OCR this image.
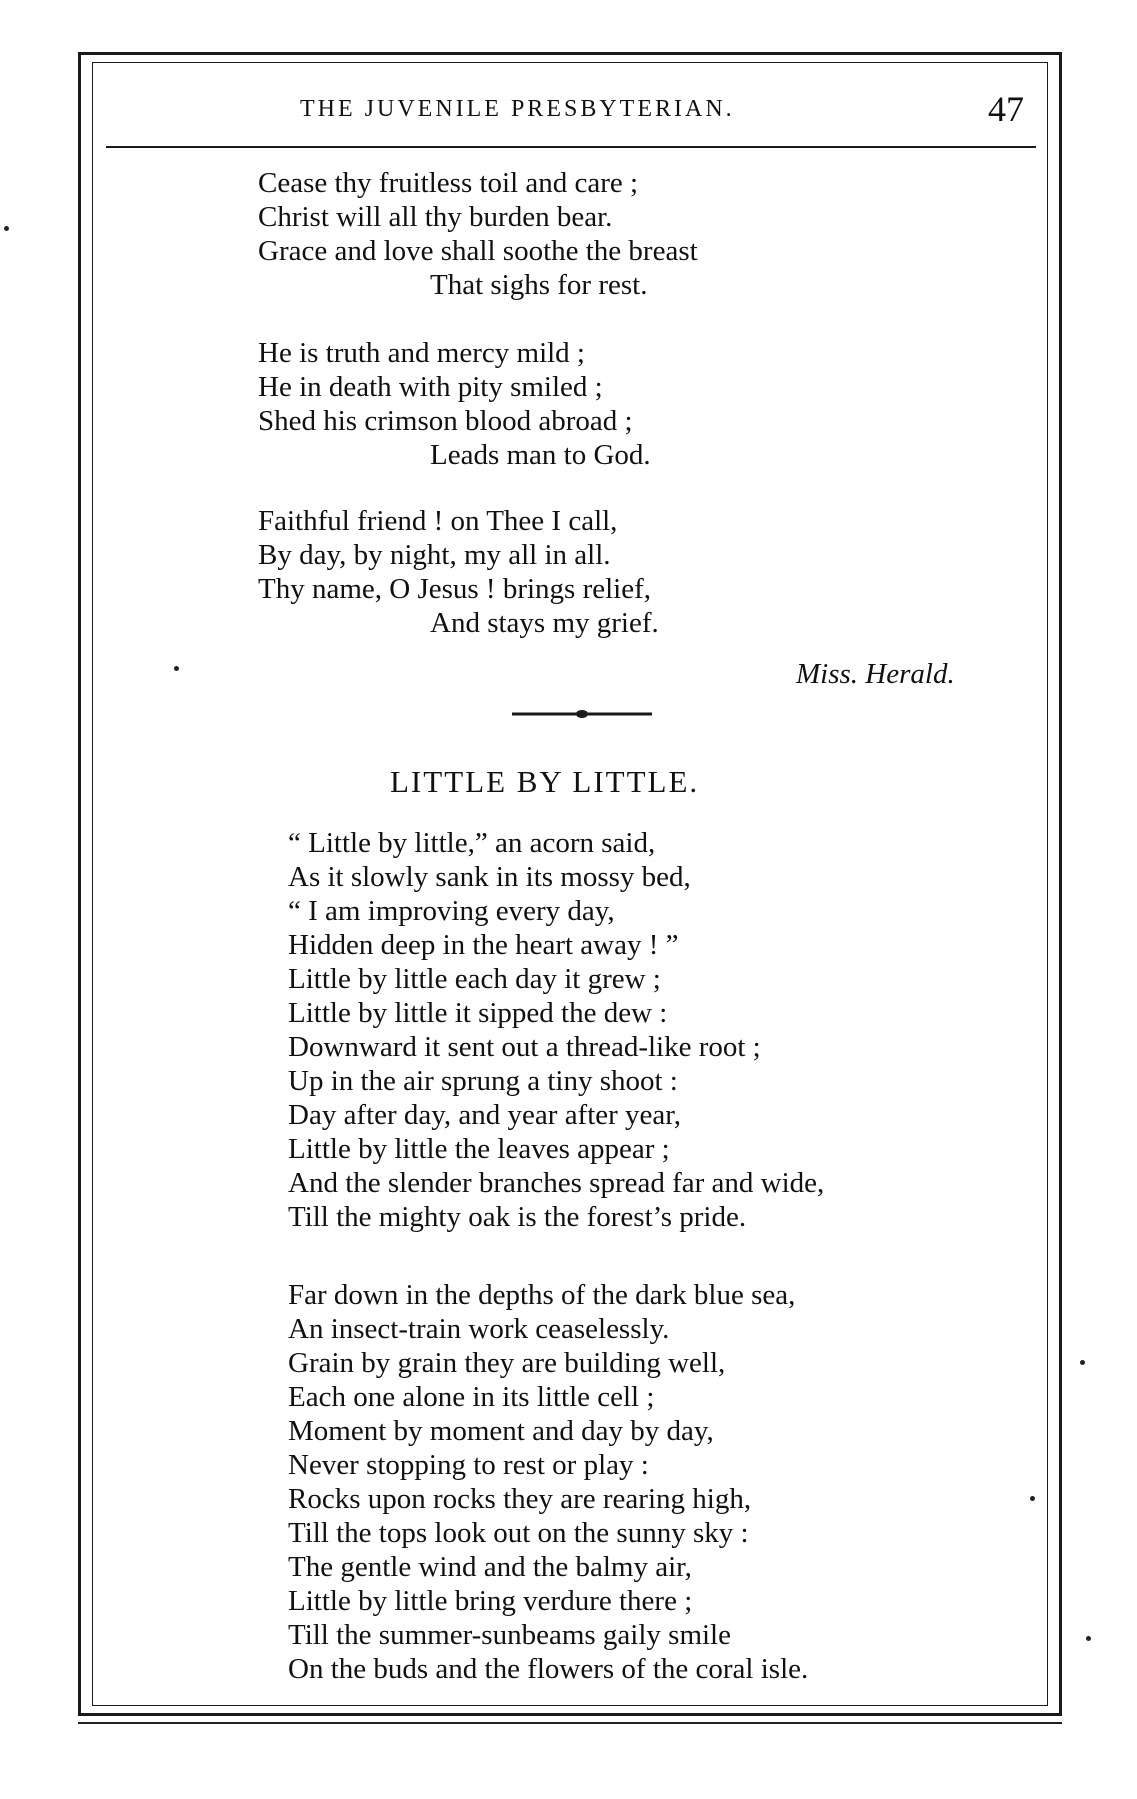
THE JUVENILE PRESBYTERIAN.	47
Cease thy fruitless toil and care ;
Christ will all thy burden bear.
Grace and love shall soothe the breast
That sighs for rest.
He is truth and mercy mild ;
He in death with pity smiled ;
Shed his crimson blood abroad ;
Leads man to God.
Faithful friend ! on Thee I call,
By day, by night, my all in all.
Thy name, O Jesus ! brings relief,
And stays my grief.
Miss. Herald.
LITTLE BY LITTLE.
“ Little by little,” an acorn said,
As it slowly sank in its mossy bed,
“ I am improving every day,
Hidden deep in the heart away ! ”
Little by little each day it grew ;
Little by little it sipped the dew :
Downward it sent out a thread-like root ;
Up in the air sprung a tiny shoot :
Day after day, and year after year,
Little by little the leaves appear ;
And the slender branches spread far and wide,
Till the mighty oak is the forest’s pride.
Far down in the depths of the dark blue sea,
An insect-train work ceaselessly.
Grain by grain they are building well,
Each one alone in its little cell ;
Moment by moment and day by day,
Never stopping to rest or play :
Rocks upon rocks they are rearing high,
Till the tops look out on the sunny sky :
The gentle wind and the balmy air,
Little by little bring verdure there ;
Till the summer-sunbeams gaily smile
On the buds and the flowers of the coral isle.
